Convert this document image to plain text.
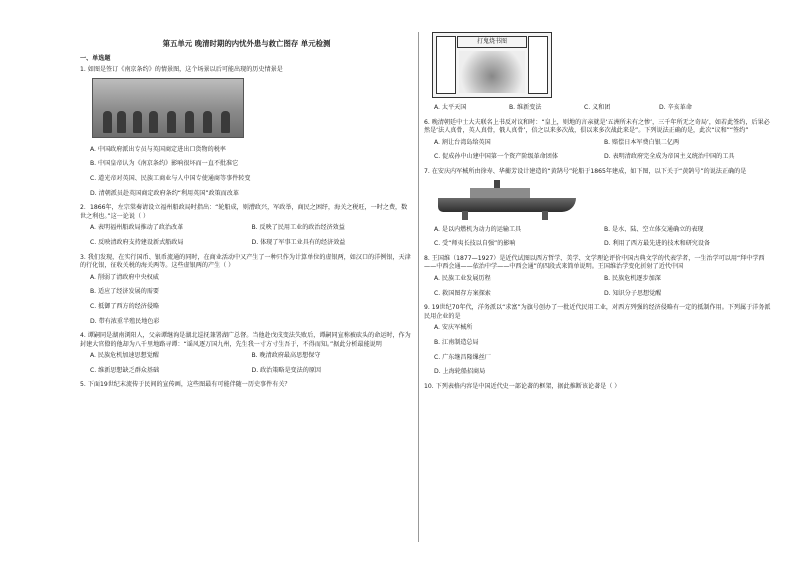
第五单元 晚清时期的内忧外患与救亡图存 单元检测
一、单选题

1. 如图是签订《南京条约》的情景图，这个场景以后可能出现的历史情景是

A. 中国政府派出专员与英国商定进出口货物的税率

B. 中国皇帝认为《南京条约》影响很坏而一直不批准它

C. 道光帝对英国、民族工商业与人中国专使通商等事件转变

D. 清朝派员赴英国商定政府条约“利用英国”政策而改革

2．1866年，左宗棠奏请设立福州船政局时指出：“轮船成，则漕政兴，军政举，商民之困纾，海关之税旺，一时之费，数世之利也。”这一论说（ ）

A. 表明福州船政局推动了政治改革	B. 反映了民用工业的政治经济效益
C. 反映清政府支持建设新式船政局	D. 体现了军事工业具有的经济效益

3. 我们发现，在实行国币、银币流通的同时，在商业活动中又产生了一种只作为计算单位的虚银两，如汉口的洋例银，天津的行化银，征收关税的海关两等。这些虚银两的产生（ ）

A. 削弱了清政府中央权威

B. 适应了经济发展的需要

C. 抵御了西方的经济侵略

D. 带有浓重半殖民地色彩

4. 谭嗣同是湖南浏阳人，父亲谭继洵是湖北巡抚兼署湖广总督。当他赴戊戌变法失败后，谭嗣同宣称被砍头的命运时，作为封建大官僚的他却为八千里地路寻谭：“谣风逐万国九州，先生我一寸方寸生吾于，不得而知。”据此分析最能说明

A. 民族危机加速思想觉醒	B. 晚清政府最高思想保守
C. 维新思想缺乏群众基础	D. 政治策略是变法的原因

5. 下面19世纪末流传于民间的宣传画，这些图最有可能伴随一历史事件有关？

打鬼烧书图
A. 太平天国	B. 维新变法	C. 义和团	D. 辛亥革命

6. 晚清朝廷中士大夫联名上书反对议和时：“皇上，则地的言亲就是‘五洲所未有之惨’，三千年所无之奇局’，如若此签约，后果必然是‘法人真骨，英人真骨，俄人真骨’，倍之以来多次战，俱以来多次战此来是”。下列说法正确的是，此次“议和”“签约”

A. 割让台湾岛给英国	B. 赔偿日本军费白银二亿两
C. 促成孙中山建中国第一个资产阶级革命团体	D. 表明清政府完全成为帝国主义统治中国的工具

7. 在安庆内军械所由徐寿、华蘅芳设计建造的“黄鹄号”轮船于1865年建成，如下图，以下关于“黄鹄号”的说法正确的是

A. 是以内燃机为动力的运输工具	B. 是水、陆、空立体交通确立的表现
C. 受“师夷长技以自强”的影响	D. 利用了西方最先进的技术和研究设备

8. 王国维（1877—1927）是近代试图以西方哲学、美学、文学理论评价中国古典文学的代表学者，一生治学可以用“拜中学西——中西会通——依治中学——中西会通”的四段式来简单说明。王国维治学变化折射了近代中国

A. 民族工业发展历程	B. 民族危机逐步加深
C. 救国图存方案探索	D. 知识分子思想觉醒

9. 19世纪70年代，洋务派以“求富”为旗号创办了一批近代民用工业，对西方列强的经济侵略有一定的抵制作用。下列属于洋务派民用企业的是

A. 安庆军械所

B. 江南制造总局

C. 广东继昌隆缫丝厂

D. 上海轮船招商局

10. 下列表格内容是中国近代史一部论著的框架，据此推断该论著是（ ）
